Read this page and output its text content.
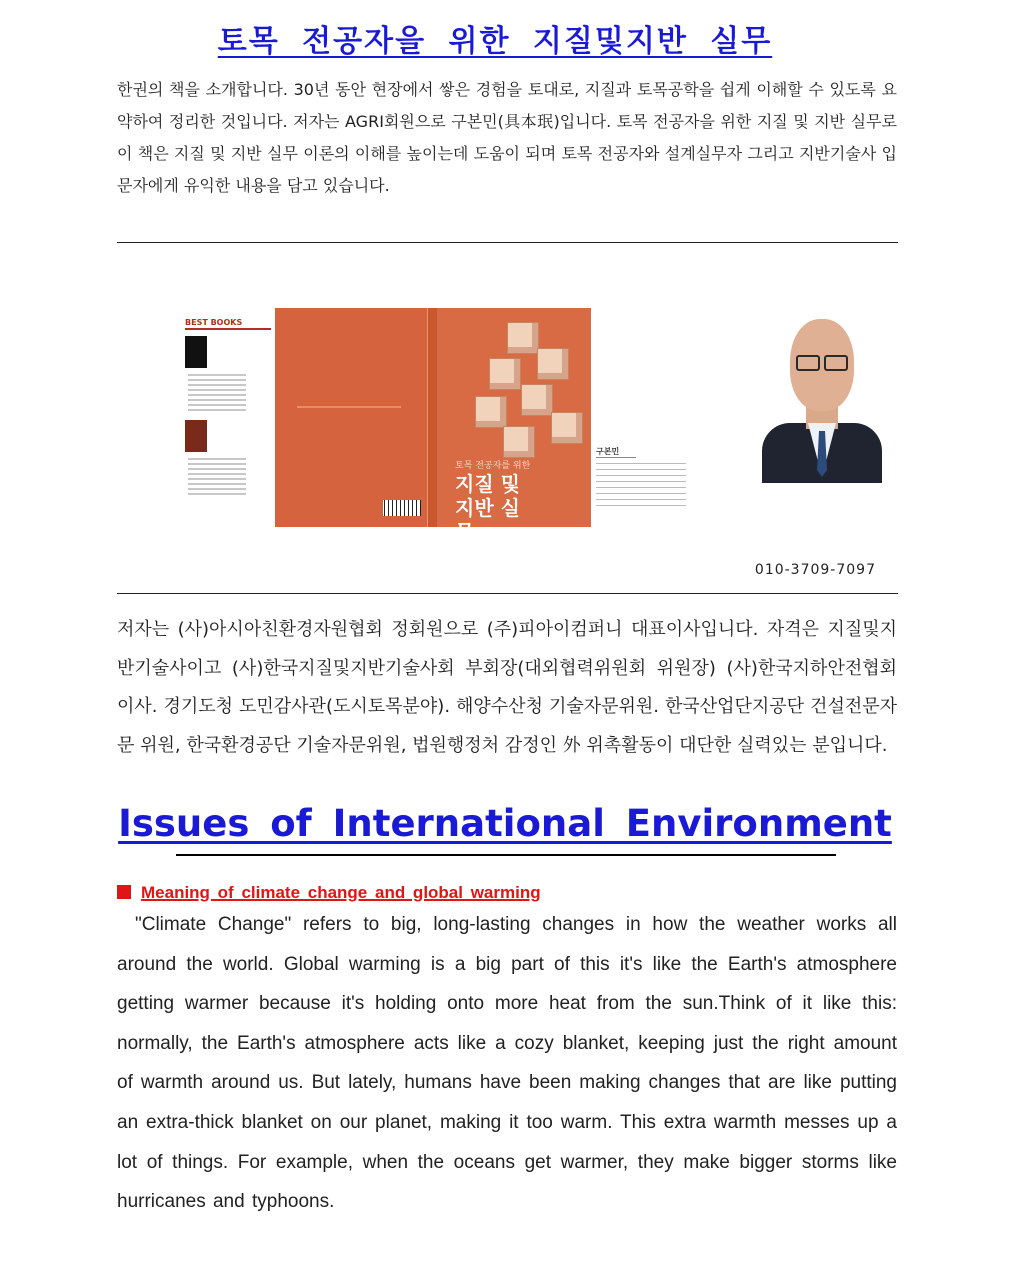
토목 전공자을 위한 지질및지반 실무
한권의 책을 소개합니다. 30년 동안 현장에서 쌓은 경험을 토대로, 지질과 토목공학을 쉽게 이해할 수 있도록 요약하여 정리한 것입니다. 저자는 AGRI회원으로 구본민(具本珉)입니다. 토목 전공자을 위한 지질 및 지반 실무로 이 책은 지질 및 지반 실무 이론의 이해를 높이는데 도움이 되며 토목 전공자와 설계실무자 그리고 지반기술사 입문자에게 유익한 내용을 담고 있습니다.
BEST BOOKS

토목 전공자를 위한
지질 및 지반 실무
구본민
010-3709-7097
저자는 (사)아시아친환경자원협회 정회원으로 (주)피아이컴퍼니 대표이사입니다. 자격은 지질및지반기술사이고 (사)한국지질및지반기술사회 부회장(대외협력위원회 위원장) (사)한국지하안전협회 이사. 경기도청 도민감사관(도시토목분야). 해양수산청 기술자문위원. 한국산업단지공단 건설전문자문 위원, 한국환경공단 기술자문위원, 법원행정처 감정인 外 위촉활동이 대단한 실력있는 분입니다.
Issues of International Environment
Meaning of climate change and global warming
"Climate Change" refers to big, long-lasting changes in how the weather works all around the world. Global warming is a big part of this it's like the Earth's atmosphere getting warmer because it's holding onto more heat from the sun.Think of it like this: normally, the Earth's atmosphere acts like a cozy blanket, keeping just the right amount of warmth around us. But lately, humans have been making changes that are like putting an extra-thick blanket on our planet, making it too warm. This extra warmth messes up a lot of things. For example, when the oceans get warmer, they make bigger storms like hurricanes and typhoons.
